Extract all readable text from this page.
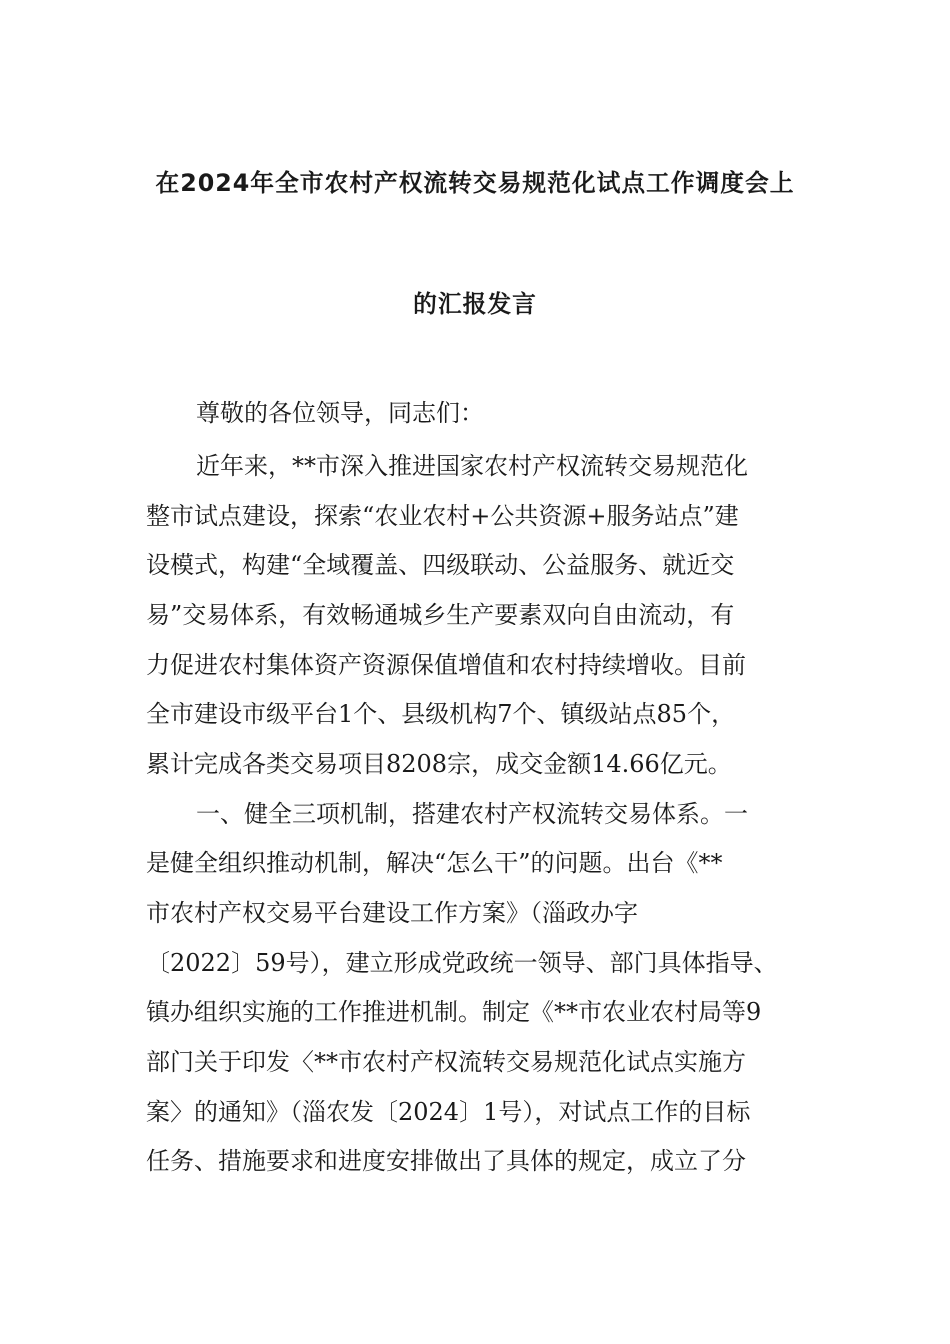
在2024年全市农村产权流转交易规范化试点工作调度会上
的汇报发言
尊敬的各位领导，同志们：
近年来，**市深入推进国家农村产权流转交易规范化
整市试点建设，探索“农业农村+公共资源+服务站点”建
设模式，构建“全域覆盖、四级联动、公益服务、就近交
易”交易体系，有效畅通城乡生产要素双向自由流动，有
力促进农村集体资产资源保值增值和农村持续增收。目前
全市建设市级平台1个、县级机构7个、镇级站点85个，
累计完成各类交易项目8208宗，成交金额14.66亿元。
一、健全三项机制，搭建农村产权流转交易体系。一
是健全组织推动机制，解决“怎么干”的问题。出台《**
市农村产权交易平台建设工作方案》（淄政办字
〔2022〕59号），建立形成党政统一领导、部门具体指导、
镇办组织实施的工作推进机制。制定《**市农业农村局等9
部门关于印发〈**市农村产权流转交易规范化试点实施方
案〉的通知》（淄农发〔2024〕1号），对试点工作的目标
任务、措施要求和进度安排做出了具体的规定，成立了分
